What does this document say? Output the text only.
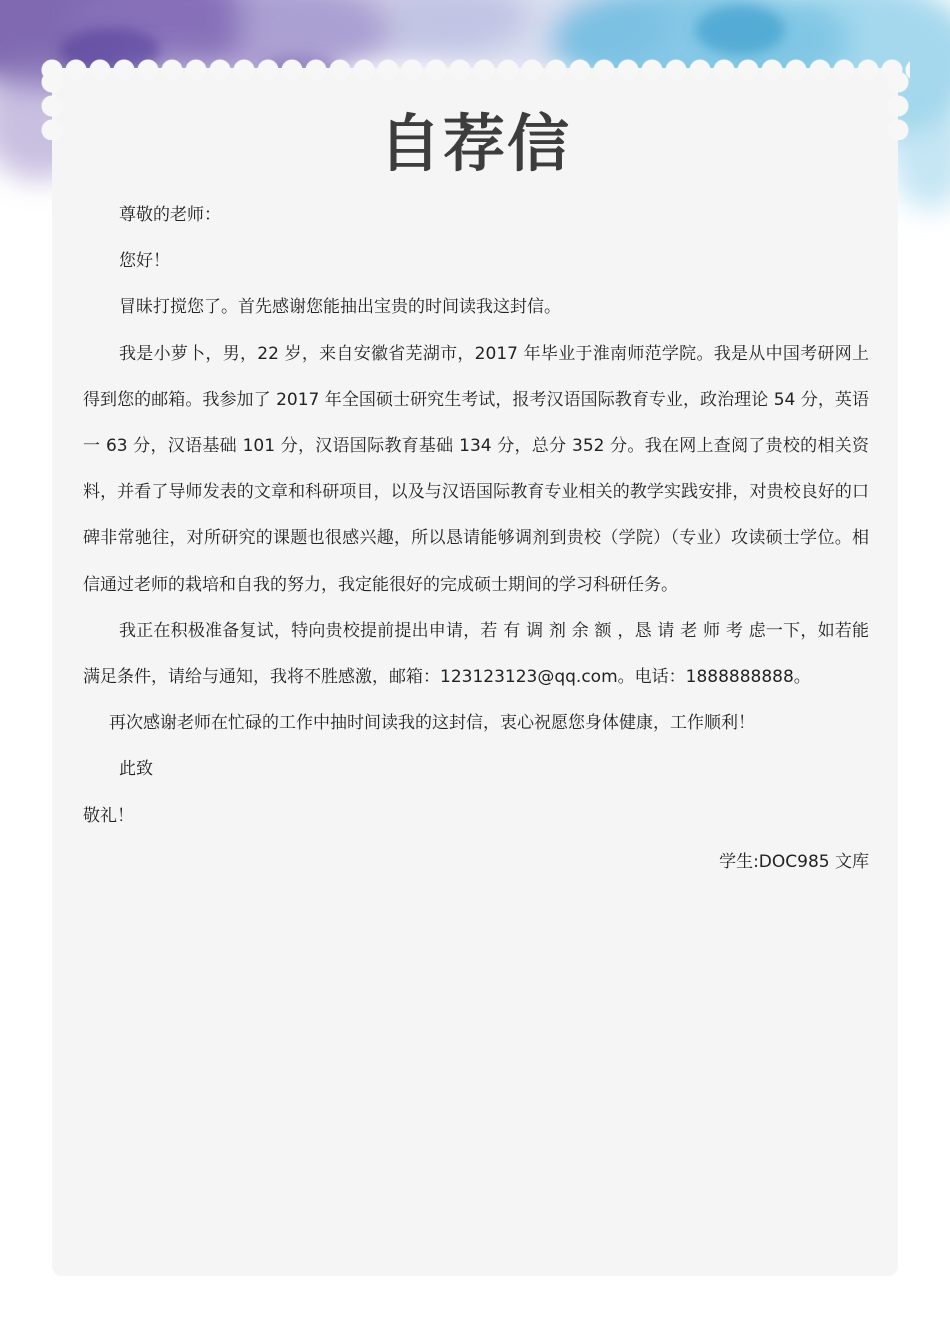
自荐信

尊敬的老师：

您好！

冒昧打搅您了。首先感谢您能抽出宝贵的时间读我这封信。

我是小萝卜，男，22 岁，来自安徽省芜湖市，2017 年毕业于淮南师范学院。我是从中国考研网上得到您的邮箱。我参加了 2017 年全国硕士研究生考试，报考汉语国际教育专业，政治理论 54 分，英语一 63 分，汉语基础 101 分，汉语国际教育基础 134 分，总分 352 分。我在网上查阅了贵校的相关资料，并看了导师发表的文章和科研项目，以及与汉语国际教育专业相关的教学实践安排，对贵校良好的口碑非常驰往，对所研究的课题也很感兴趣，所以恳请能够调剂到贵校（学院）（专业）攻读硕士学位。相信通过老师的栽培和自我的努力，我定能很好的完成硕士期间的学习科研任务。

我正在积极准备复试，特向贵校提前提出申请，若 有 调 剂 余 额 ，恳 请 老 师 考 虑一下，如若能满足条件，请给与通知，我将不胜感激，邮箱：123123123@qq.com。电话：1888888888。

再次感谢老师在忙碌的工作中抽时间读我的这封信，衷心祝愿您身体健康，工作顺利！

此致

敬礼！

学生:DOC985 文库
